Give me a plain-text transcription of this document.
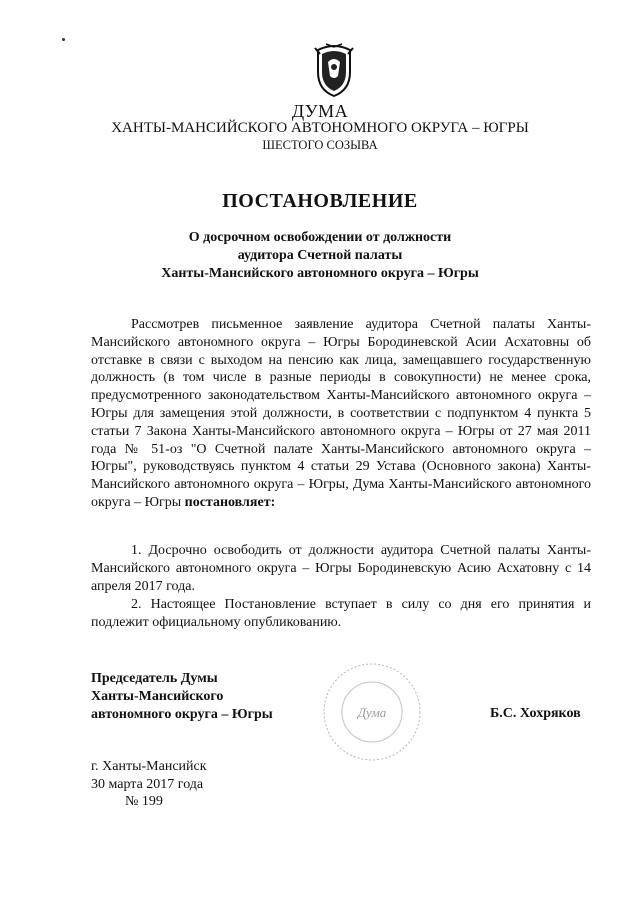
ДУМА
ХАНТЫ-МАНСИЙСКОГО АВТОНОМНОГО ОКРУГА – ЮГРЫ
ШЕСТОГО СОЗЫВА
ПОСТАНОВЛЕНИЕ
О досрочном освобождении от должности
аудитора Счетной палаты
Ханты-Мансийского автономного округа – Югры
Рассмотрев письменное заявление аудитора Счетной палаты Ханты-Мансийского автономного округа – Югры Бородиневской Асии Асхатовны об отставке в связи с выходом на пенсию как лица, замещавшего государственную должность (в том числе в разные периоды в совокупности) не менее срока, предусмотренного законодательством Ханты-Мансийского автономного округа – Югры для замещения этой должности, в соответствии с подпунктом 4 пункта 5 статьи 7 Закона Ханты-Мансийского автономного округа – Югры от 27 мая 2011 года № 51-оз "О Счетной палате Ханты-Мансийского автономного округа – Югры", руководствуясь пунктом 4 статьи 29 Устава (Основного закона) Ханты-Мансийского автономного округа – Югры, Дума Ханты-Мансийского автономного округа – Югры постановляет:
1. Досрочно освободить от должности аудитора Счетной палаты Ханты-Мансийского автономного округа – Югры Бородиневскую Асию Асхатовну с 14 апреля 2017 года.
2. Настоящее Постановление вступает в силу со дня его принятия и подлежит официальному опубликованию.
Председатель Думы
Ханты-Мансийского
автономного округа – Югры	Дума	Б.С. Хохряков
г. Ханты-Мансийск
30 марта 2017 года
№ 199
